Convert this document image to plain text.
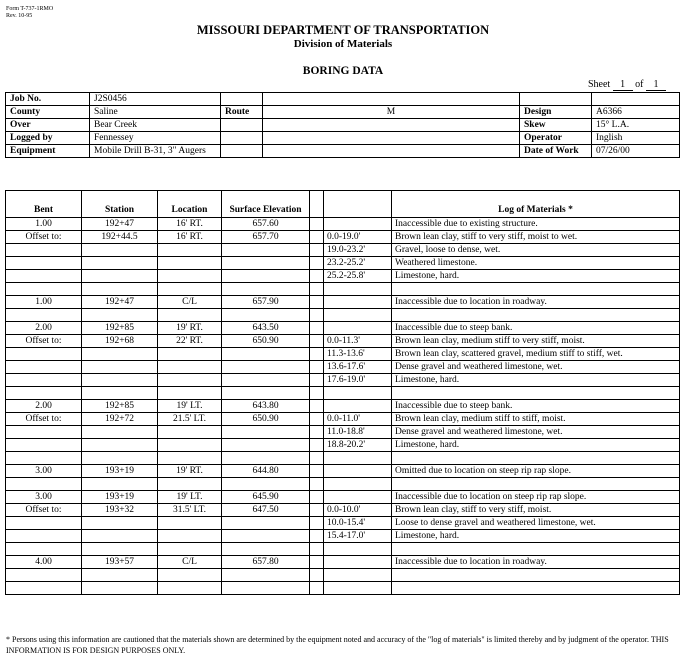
Form T-737-1RMO
Rev. 10-95
MISSOURI DEPARTMENT OF TRANSPORTATION
Division of Materials
BORING DATA
Sheet 1 of 1
Job No.	J2S0456				
County	Saline	Route	M	Design	A6366
Over	Bear Creek			Skew	15° L.A.
Logged by	Fennessey			Operator	Inglish
Equipment	Mobile Drill B-31, 3" Augers			Date of Work	07/26/00
Bent	Station	Location	Surface Elevation			Log of Materials *
1.00	192+47	16' RT.	657.60			Inaccessible due to existing structure.
Offset to:	192+44.5	16' RT.	657.70		0.0-19.0'	Brown lean clay, stiff to very stiff, moist to wet.
					19.0-23.2'	Gravel, loose to dense, wet.
					23.2-25.2'	Weathered limestone.
					25.2-25.8'	Limestone, hard.

1.00	192+47	C/L	657.90			Inaccessible due to location in roadway.

2.00	192+85	19' RT.	643.50			Inaccessible due to steep bank.
Offset to:	192+68	22' RT.	650.90		0.0-11.3'	Brown lean clay, medium stiff to very stiff, moist.
					11.3-13.6'	Brown lean clay, scattered gravel, medium stiff to stiff, wet.
					13.6-17.6'	Dense gravel and weathered limestone, wet.
					17.6-19.0'	Limestone, hard.

2.00	192+85	19' LT.	643.80			Inaccessible due to steep bank.
Offset to:	192+72	21.5' LT.	650.90		0.0-11.0'	Brown lean clay, medium stiff to stiff, moist.
					11.0-18.8'	Dense gravel and weathered limestone, wet.
					18.8-20.2'	Limestone, hard.

3.00	193+19	19' RT.	644.80			Omitted due to location on steep rip rap slope.

3.00	193+19	19' LT.	645.90			Inaccessible due to location on steep rip rap slope.
Offset to:	193+32	31.5' LT.	647.50		0.0-10.0'	Brown lean clay, stiff to very stiff, moist.
					10.0-15.4'	Loose to dense gravel and weathered limestone, wet.
					15.4-17.0'	Limestone, hard.

4.00	193+57	C/L	657.80			Inaccessible due to location in roadway.

* Persons using this information are cautioned that the materials shown are determined by the equipment noted and accuracy of the "log of materials" is limited thereby and by judgment of the operator. THIS INFORMATION IS FOR DESIGN PURPOSES ONLY.
